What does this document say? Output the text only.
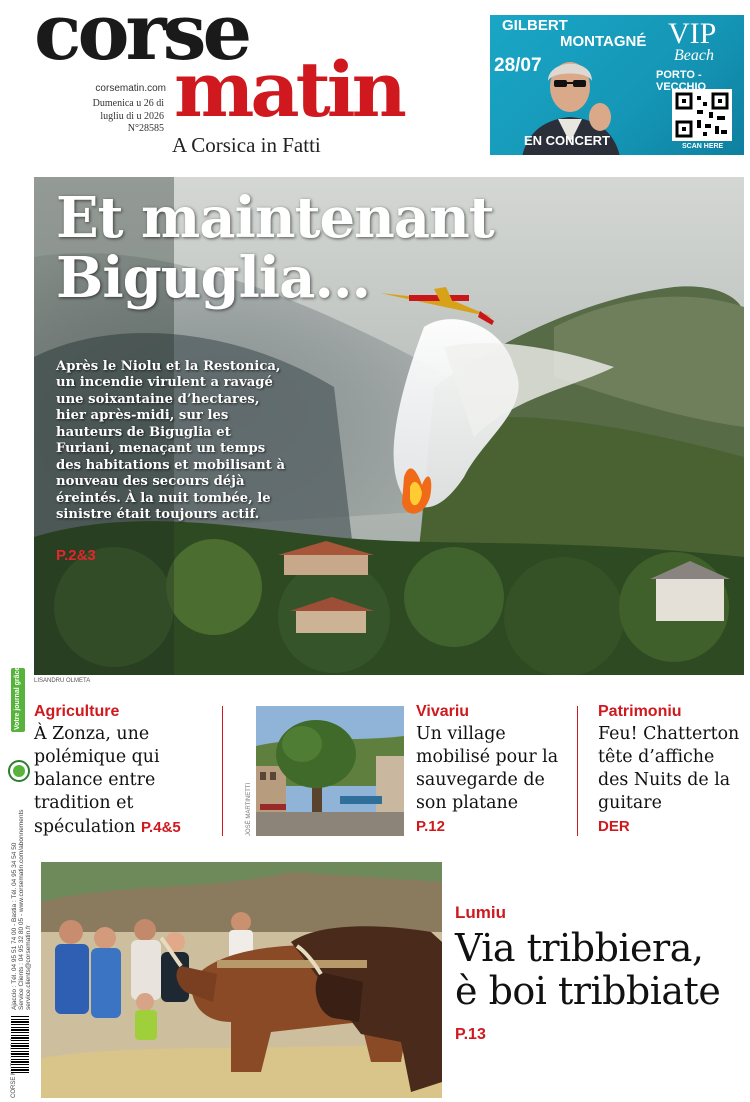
corse
matin
corsematin.com
Dumenica u 26 di
lugliu di u 2026
N°28585
A Corsica in Fatti
GILBERT
MONTAGNÉ
28/07
EN CONCERT
VIP
Beach
PORTO - VECCHIO
SCAN HERE
Et maintenant
Biguglia...
Après le Niolu et la Restonica, un incendie virulent a ravagé une soixantaine d’hectares, hier après-midi, sur les hauteurs de Biguglia et Furiani, menaçant un temps des habitations et mobilisant à nouveau des secours déjà éreintés. À la nuit tombée, le sinistre était toujours actif.
P.2&3
LISANDRU OLMETA
Votre journal grâce ou 83
Ajaccio : Tél. 04 95 51 74 00 - Bastia : Tél. 04 95 34 54 50 Service Clients : 04 95 32 80 05 - www.corsematin.com/abonnements service.clients@corsematin.fr
Agriculture
À Zonza, une polémique qui balance entre tradition et spéculation P.4&5	JOSÉ MARTINETTI
Vivariu
Un village mobilisé pour la sauvegarde de son platane
P.12
Patrimoniu
Feu! Chatterton tête d’affiche des Nuits de la guitare
DER
Lumiu
Via tribbiera,
è boi tribbiate
P.13
